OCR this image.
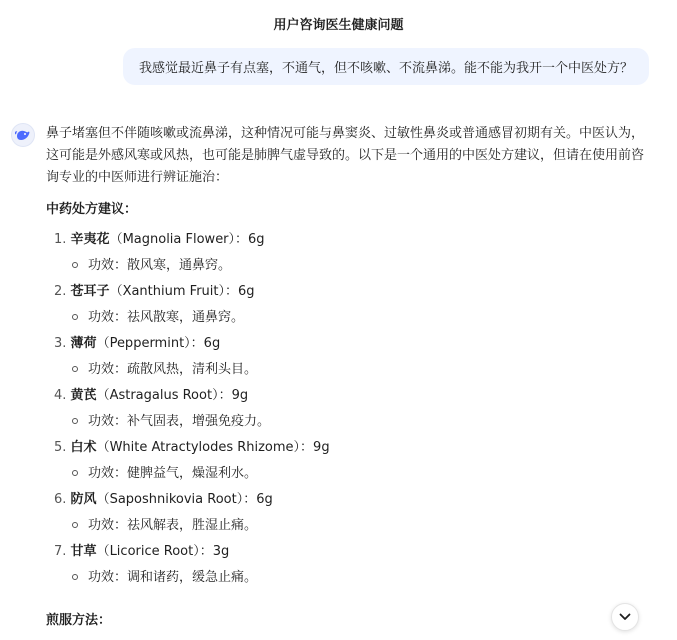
用户咨询医生健康问题
我感觉最近鼻子有点塞，不通气，但不咳嗽、不流鼻涕。能不能为我开一个中医处方？

鼻子堵塞但不伴随咳嗽或流鼻涕，这种情况可能与鼻窦炎、过敏性鼻炎或普通感冒初期有关。中医认为，这可能是外感风寒或风热，也可能是肺脾气虚导致的。以下是一个通用的中医处方建议，但请在使用前咨询专业的中医师进行辨证施治：

中药处方建议：
1. 辛夷花（Magnolia Flower）：6g
功效：散风寒，通鼻窍。
2. 苍耳子（Xanthium Fruit）：6g
功效：祛风散寒，通鼻窍。
3. 薄荷（Peppermint）：6g
功效：疏散风热，清利头目。
4. 黄芪（Astragalus Root）：9g
功效：补气固表，增强免疫力。
5. 白术（White Atractylodes Rhizome）：9g
功效：健脾益气，燥湿利水。
6. 防风（Saposhnikovia Root）：6g
功效：祛风解表，胜湿止痛。
7. 甘草（Licorice Root）：3g
功效：调和诸药，缓急止痛。
煎服方法：
